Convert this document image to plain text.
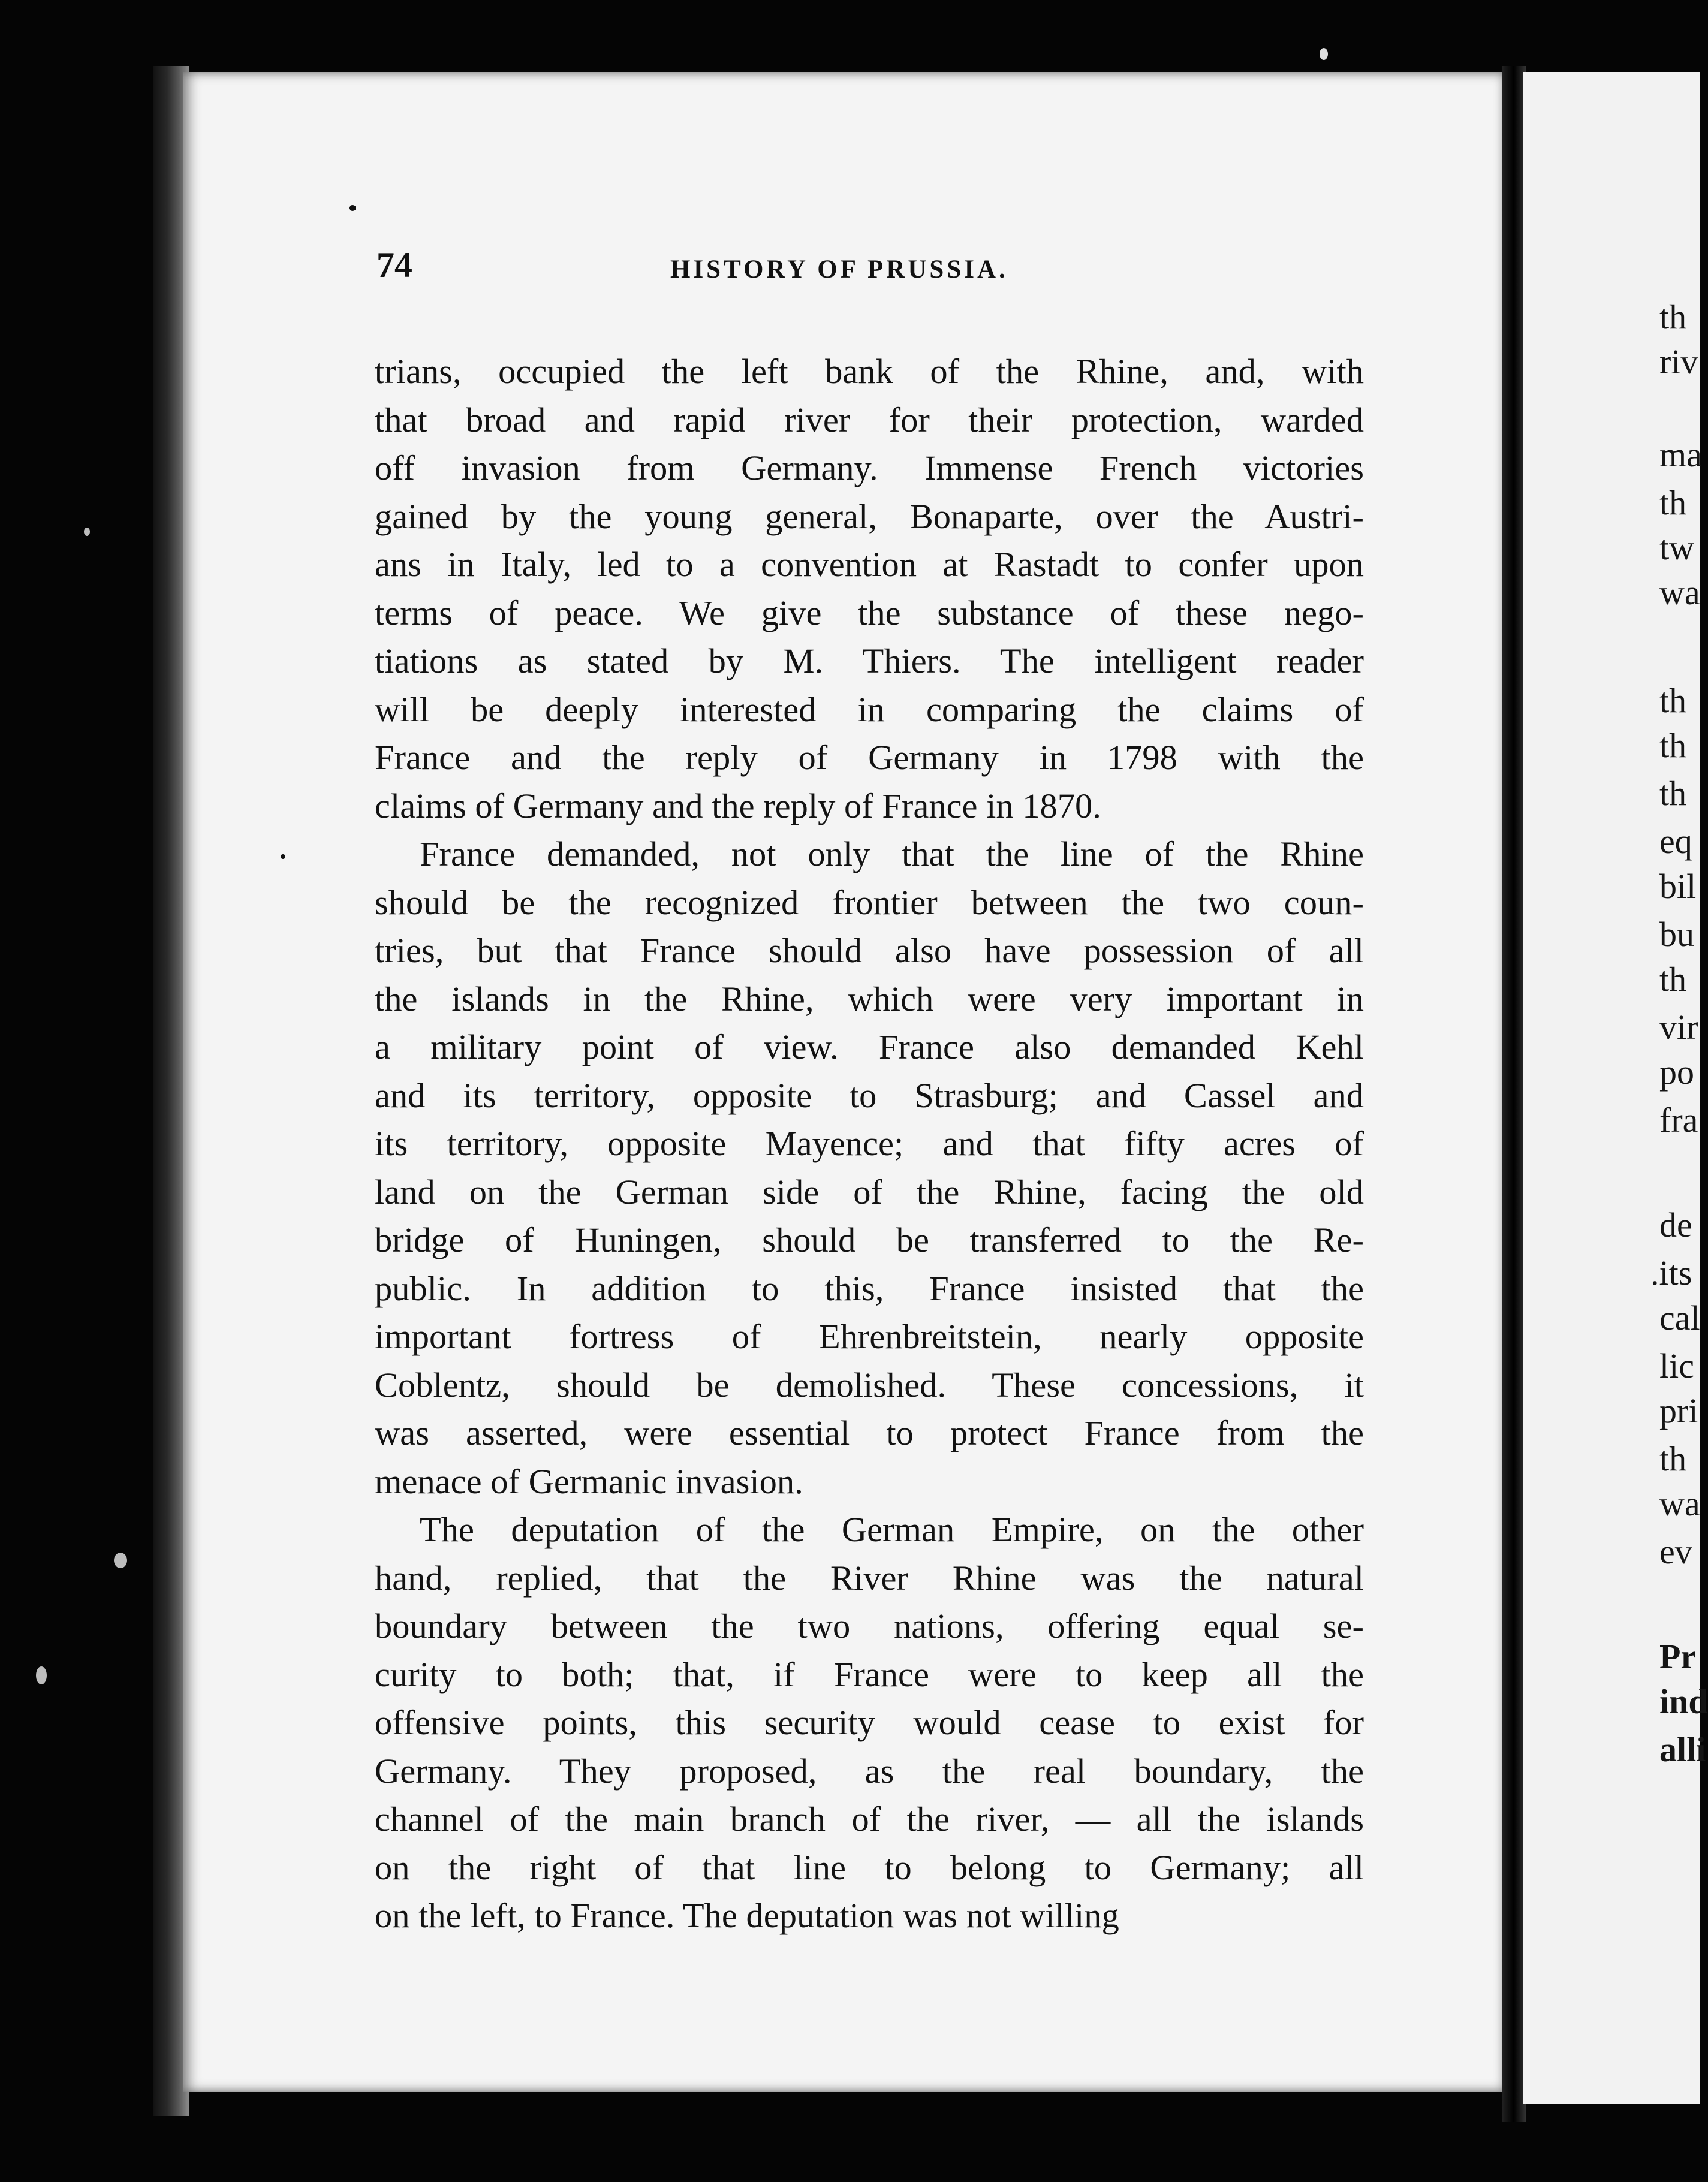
th
riv
ma
th
tw
wa
th
th
th
eq
bil
bu
th
vir
po
fra
de
.its
cal
lic
pri
th
wa
ev
Pr
ind
alli
74	HISTORY OF PRUSSIA.

trians, occupied the left bank of the Rhine, and, with
that broad and rapid river for their protection, warded
off invasion from Germany. Immense French victories
gained by the young general, Bonaparte, over the Austri-
ans in Italy, led to a convention at Rastadt to confer upon
terms of peace. We give the substance of these nego-
tiations as stated by M. Thiers. The intelligent reader
will be deeply interested in comparing the claims of
France and the reply of Germany in 1798 with the
claims of Germany and the reply of France in 1870.

France demanded, not only that the line of the Rhine
should be the recognized frontier between the two coun-
tries, but that France should also have possession of all
the islands in the Rhine, which were very important in
a military point of view. France also demanded Kehl
and its territory, opposite to Strasburg; and Cassel and
its territory, opposite Mayence; and that fifty acres of
land on the German side of the Rhine, facing the old
bridge of Huningen, should be transferred to the Re-
public. In addition to this, France insisted that the
important fortress of Ehrenbreitstein, nearly opposite
Coblentz, should be demolished. These concessions, it
was asserted, were essential to protect France from the
menace of Germanic invasion.

The deputation of the German Empire, on the other
hand, replied, that the River Rhine was the natural
boundary between the two nations, offering equal se-
curity to both; that, if France were to keep all the
offensive points, this security would cease to exist for
Germany. They proposed, as the real boundary, the
channel of the main branch of the river, — all the islands
on the right of that line to belong to Germany; all
on the left, to France. The deputation was not willing
